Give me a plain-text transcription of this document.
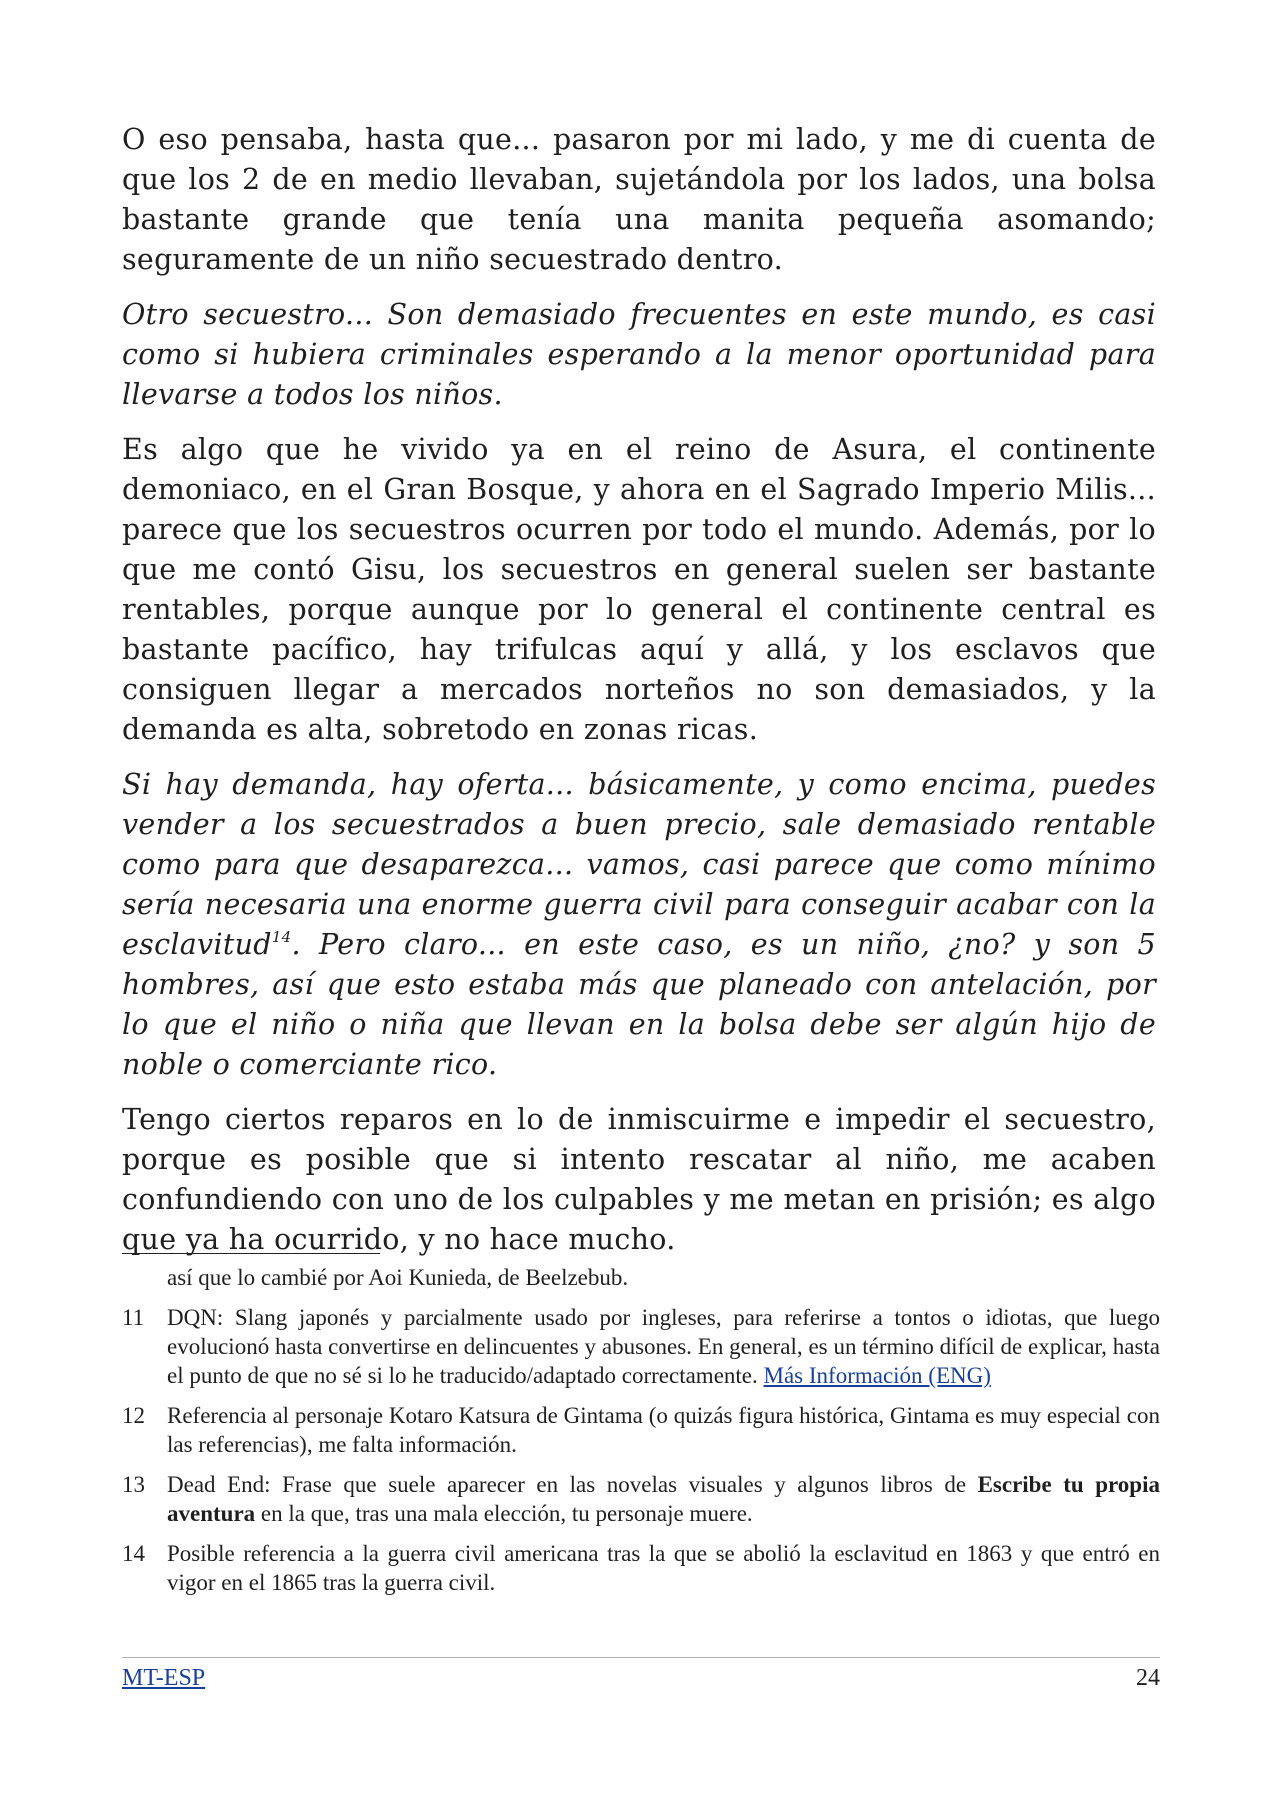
O eso pensaba, hasta que... pasaron por mi lado, y me di cuenta de que los 2 de en medio llevaban, sujetándola por los lados, una bolsa bastante grande que tenía una manita pequeña asomando; seguramente de un niño secuestrado dentro.

Otro secuestro... Son demasiado frecuentes en este mundo, es casi como si hubiera criminales esperando a la menor oportunidad para llevarse a todos los niños.

Es algo que he vivido ya en el reino de Asura, el continente demoniaco, en el Gran Bosque, y ahora en el Sagrado Imperio Milis... parece que los secuestros ocurren por todo el mundo. Además, por lo que me contó Gisu, los secuestros en general suelen ser bastante rentables, porque aunque por lo general el continente central es bastante pacífico, hay trifulcas aquí y allá, y los esclavos que consiguen llegar a mercados norteños no son demasiados, y la demanda es alta, sobretodo en zonas ricas.

Si hay demanda, hay oferta... básicamente, y como encima, puedes vender a los secuestrados a buen precio, sale demasiado rentable como para que desaparezca... vamos, casi parece que como mínimo sería necesaria una enorme guerra civil para conseguir acabar con la esclavitud$^{14}$. Pero claro... en este caso, es un niño, ¿no? y son 5 hombres, así que esto estaba más que planeado con antelación, por lo que el niño o niña que llevan en la bolsa debe ser algún hijo de noble o comerciante rico.

Tengo ciertos reparos en lo de inmiscuirme e impedir el secuestro, porque es posible que si intento rescatar al niño, me acaben confundiendo con uno de los culpables y me metan en prisión; es algo que ya ha ocurrido, y no hace mucho.

así que lo cambié por Aoi Kunieda, de Beelzebub.
11 DQN: Slang japonés y parcialmente usado por ingleses, para referirse a tontos o idiotas, que luego evolucionó hasta convertirse en delincuentes y abusones. En general, es un término difícil de explicar, hasta el punto de que no sé si lo he traducido/adaptado correctamente. Más Información (ENG)
12 Referencia al personaje Kotaro Katsura de Gintama (o quizás figura histórica, Gintama es muy especial con las referencias), me falta información.
13 Dead End: Frase que suele aparecer en las novelas visuales y algunos libros de Escribe tu propia aventura en la que, tras una mala elección, tu personaje muere.
14 Posible referencia a la guerra civil americana tras la que se abolió la esclavitud en 1863 y que entró en vigor en el 1865 tras la guerra civil.
MT-ESP	24
